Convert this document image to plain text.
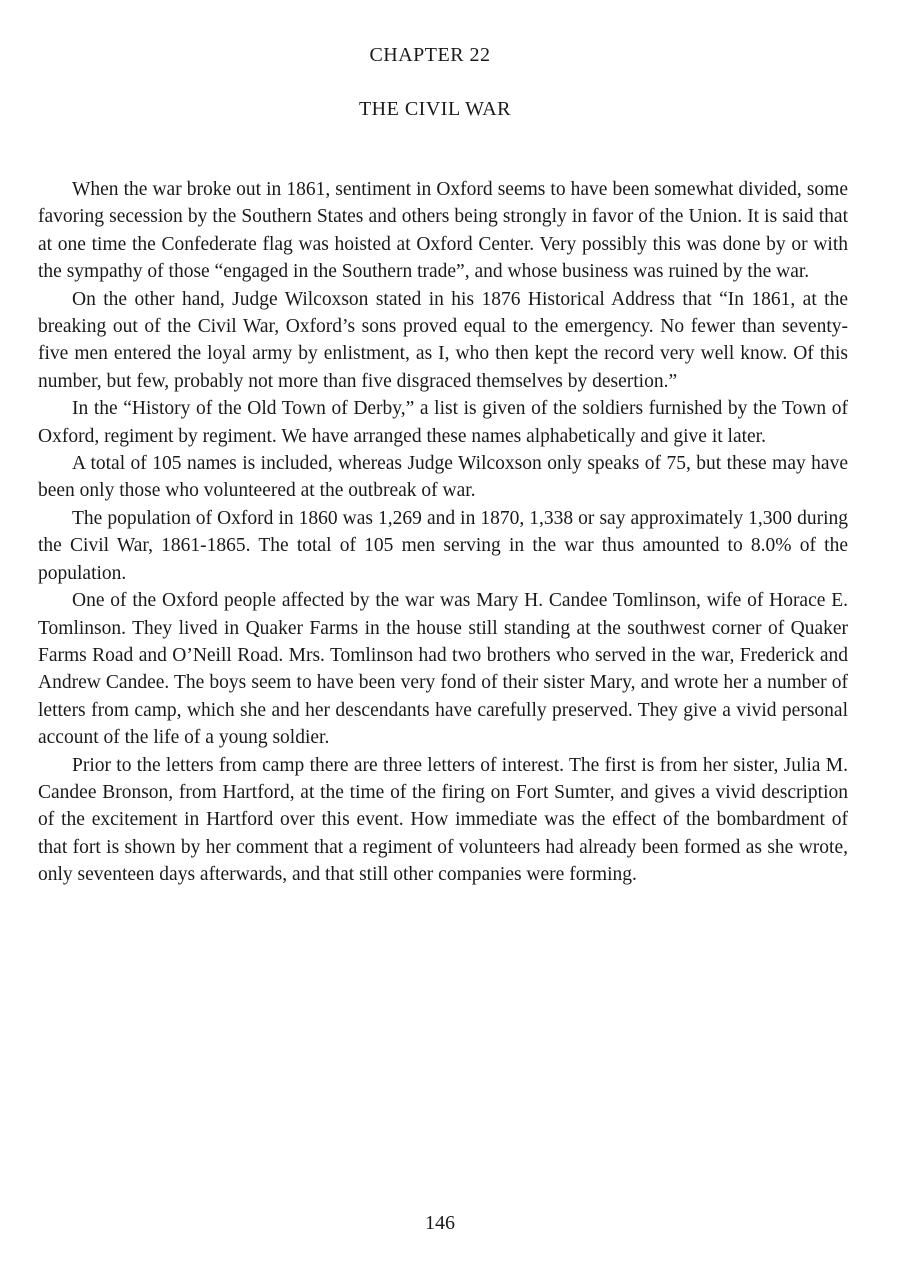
CHAPTER 22
THE CIVIL WAR

When the war broke out in 1861, sentiment in Oxford seems to have been somewhat divided, some favoring secession by the Southern States and others being strongly in favor of the Union. It is said that at one time the Confederate flag was hoisted at Oxford Center. Very possibly this was done by or with the sympathy of those “engaged in the Southern trade”, and whose business was ruined by the war.

On the other hand, Judge Wilcoxson stated in his 1876 Historical Address that “In 1861, at the breaking out of the Civil War, Oxford’s sons proved equal to the emergency. No fewer than seventy-five men entered the loyal army by enlistment, as I, who then kept the record very well know. Of this number, but few, probably not more than five disgraced themselves by desertion.”

In the “History of the Old Town of Derby,” a list is given of the soldiers furnished by the Town of Oxford, regiment by regiment. We have arranged these names alphabetically and give it later.

A total of 105 names is included, whereas Judge Wilcoxson only speaks of 75, but these may have been only those who volunteered at the outbreak of war.

The population of Oxford in 1860 was 1,269 and in 1870, 1,338 or say approximately 1,300 during the Civil War, 1861-1865. The total of 105 men serving in the war thus amounted to 8.0% of the population.

One of the Oxford people affected by the war was Mary H. Candee Tomlinson, wife of Horace E. Tomlinson. They lived in Quaker Farms in the house still standing at the southwest corner of Quaker Farms Road and O’Neill Road. Mrs. Tomlinson had two brothers who served in the war, Frederick and Andrew Candee. The boys seem to have been very fond of their sister Mary, and wrote her a number of letters from camp, which she and her descendants have carefully preserved. They give a vivid personal account of the life of a young soldier.

Prior to the letters from camp there are three letters of interest. The first is from her sister, Julia M. Candee Bronson, from Hartford, at the time of the firing on Fort Sumter, and gives a vivid description of the excitement in Hartford over this event. How immediate was the effect of the bombardment of that fort is shown by her comment that a regiment of volunteers had already been formed as she wrote, only seventeen days afterwards, and that still other companies were forming.

146
